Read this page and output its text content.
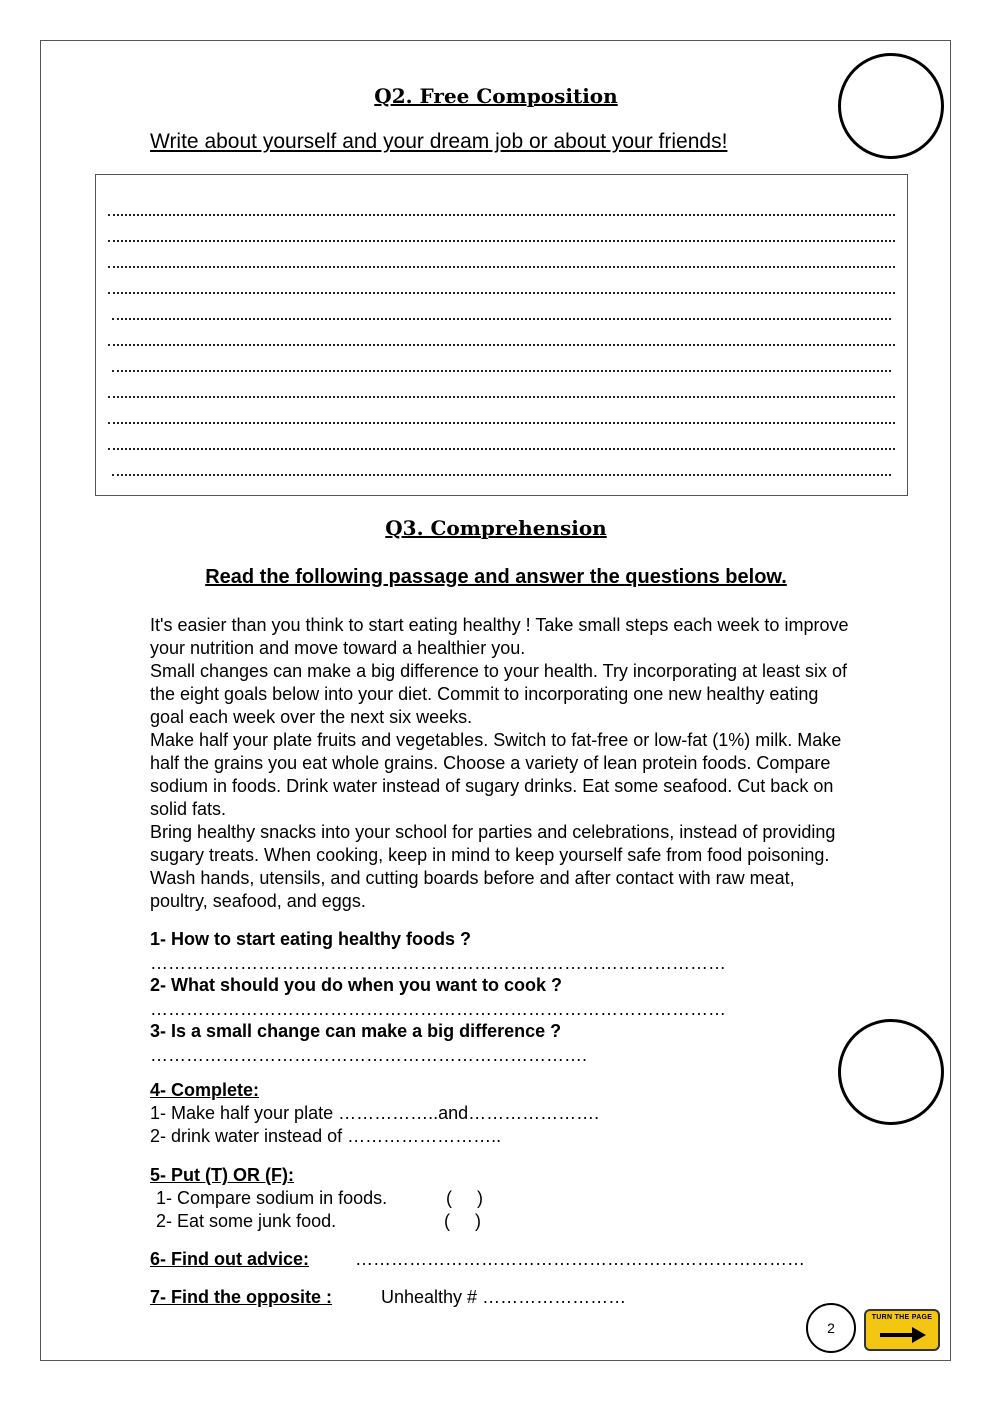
Q2. Free Composition
Write about yourself and your dream job or about your friends!
Q3. Comprehension
Read the following passage and answer the questions below.

It's easier than you think to start eating healthy ! Take small steps each week to improve your nutrition and move toward a healthier you.

Small changes can make a big difference to your health. Try incorporating at least six of the eight goals below into your diet. Commit to incorporating one new healthy eating goal each week over the next six weeks.

Make half your plate fruits and vegetables. Switch to fat-free or low-fat (1%) milk. Make half the grains you eat whole grains. Choose a variety of lean protein foods. Compare sodium in foods. Drink water instead of sugary drinks. Eat some seafood. Cut back on solid fats.

Bring healthy snacks into your school for parties and celebrations, instead of providing sugary treats. When cooking, keep in mind to keep yourself safe from food poisoning. Wash hands, utensils, and cutting boards before and after contact with raw meat, poultry, seafood, and eggs.

1- How to start eating healthy foods ?
……………………………………………………………………………………
2- What should you do when you want to cook ?
……………………………………………………………………………………
3- Is a small change can make a big difference ?
……………………………………………………………….
4- Complete:
1- Make half your plate ……………..and………………….
2- drink water instead of ……………………..
5- Put (T) OR (F):
1- Compare sodium in foods.	(     )
2- Eat some junk food.	(     )
6- Find out advice:	…………………………………………………………………
7- Find the opposite :	Unhealthy # ……………………
2
TURN THE PAGE
